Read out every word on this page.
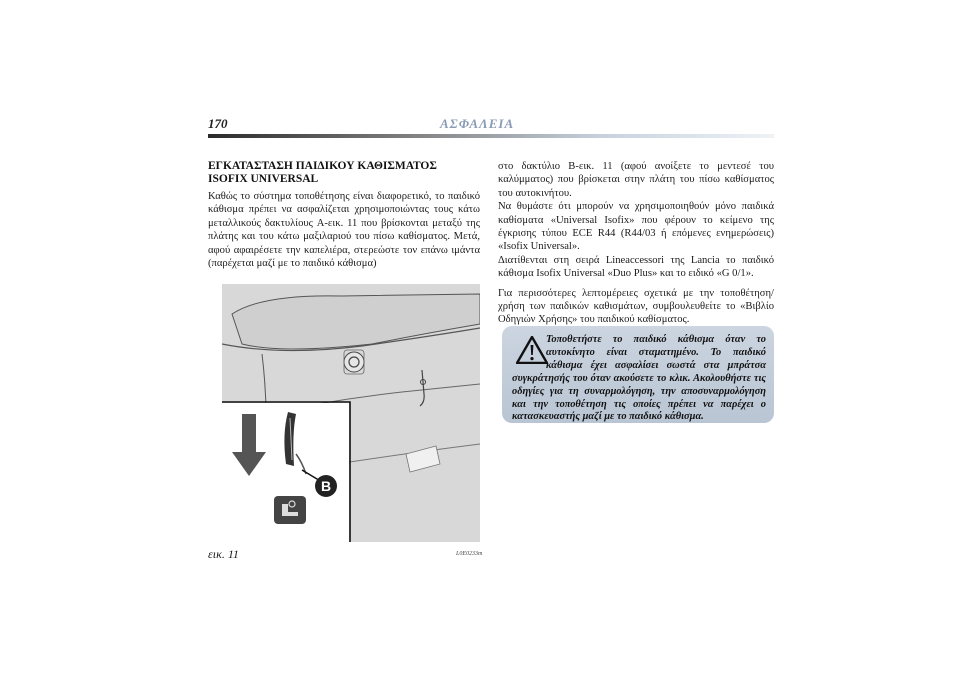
170	ΑΣΦΑΛΕΙΑ

ΕΓΚΑΤΑΣΤΑΣΗ ΠΑΙΔΙΚΟΥ ΚΑΘΙΣΜΑΤΟΣ

ISOFIX UNIVERSAL

Καθώς το σύστημα τοποθέτησης είναι διαφορετικό, το παιδικό κάθισμα πρέπει να ασφαλίζεται χρησιμοποιώντας τους κάτω μεταλλικούς δακτυλίους A-εικ. 11 που βρίσκονται μεταξύ της πλάτης και του κάτω μαξιλαριού του πίσω καθίσματος. Μετά, αφού αφαιρέσετε την καπελιέρα, στερεώστε τον επάνω ιμάντα (παρέχεται μαζί με το παιδικό κάθισμα)

B
εικ. 11	L0E0233m

στο δακτύλιο B-εικ. 11 (αφού ανοίξετε το μεντεσέ του καλύμματος) που βρίσκεται στην πλάτη του πίσω καθίσματος του αυτοκινήτου.

Να θυμάστε ότι μπορούν να χρησιμοποιηθούν μόνο παιδικά καθίσματα «Universal Isofix» που φέρουν το κείμενο της έγκρισης τύπου ECE R44 (R44/03 ή επόμενες ενημερώσεις) «Isofix Universal».

Διατίθενται στη σειρά Lineaccessori της Lancia το παιδικό κάθισμα Isofix Universal «Duo Plus» και το ειδικό «G 0/1».

Για περισσότερες λεπτομέρειες σχετικά με την τοποθέτηση/χρήση των παιδικών καθισμάτων, συμβουλευθείτε το «Βιβλίο Οδηγιών Χρήσης» του παιδικού καθίσματος.

Τοποθετήστε το παιδικό κάθισμα όταν το αυτοκίνητο είναι σταματημένο. Το παιδικό κάθισμα έχει ασφαλίσει σωστά στα μπράτσα συγκράτησής του όταν ακούσετε το κλικ. Ακολουθήστε τις οδηγίες για τη συναρμολόγηση, την αποσυναρμολόγηση και την τοποθέτηση τις οποίες πρέπει να παρέχει ο κατασκευαστής μαζί με το παιδικό κάθισμα.
